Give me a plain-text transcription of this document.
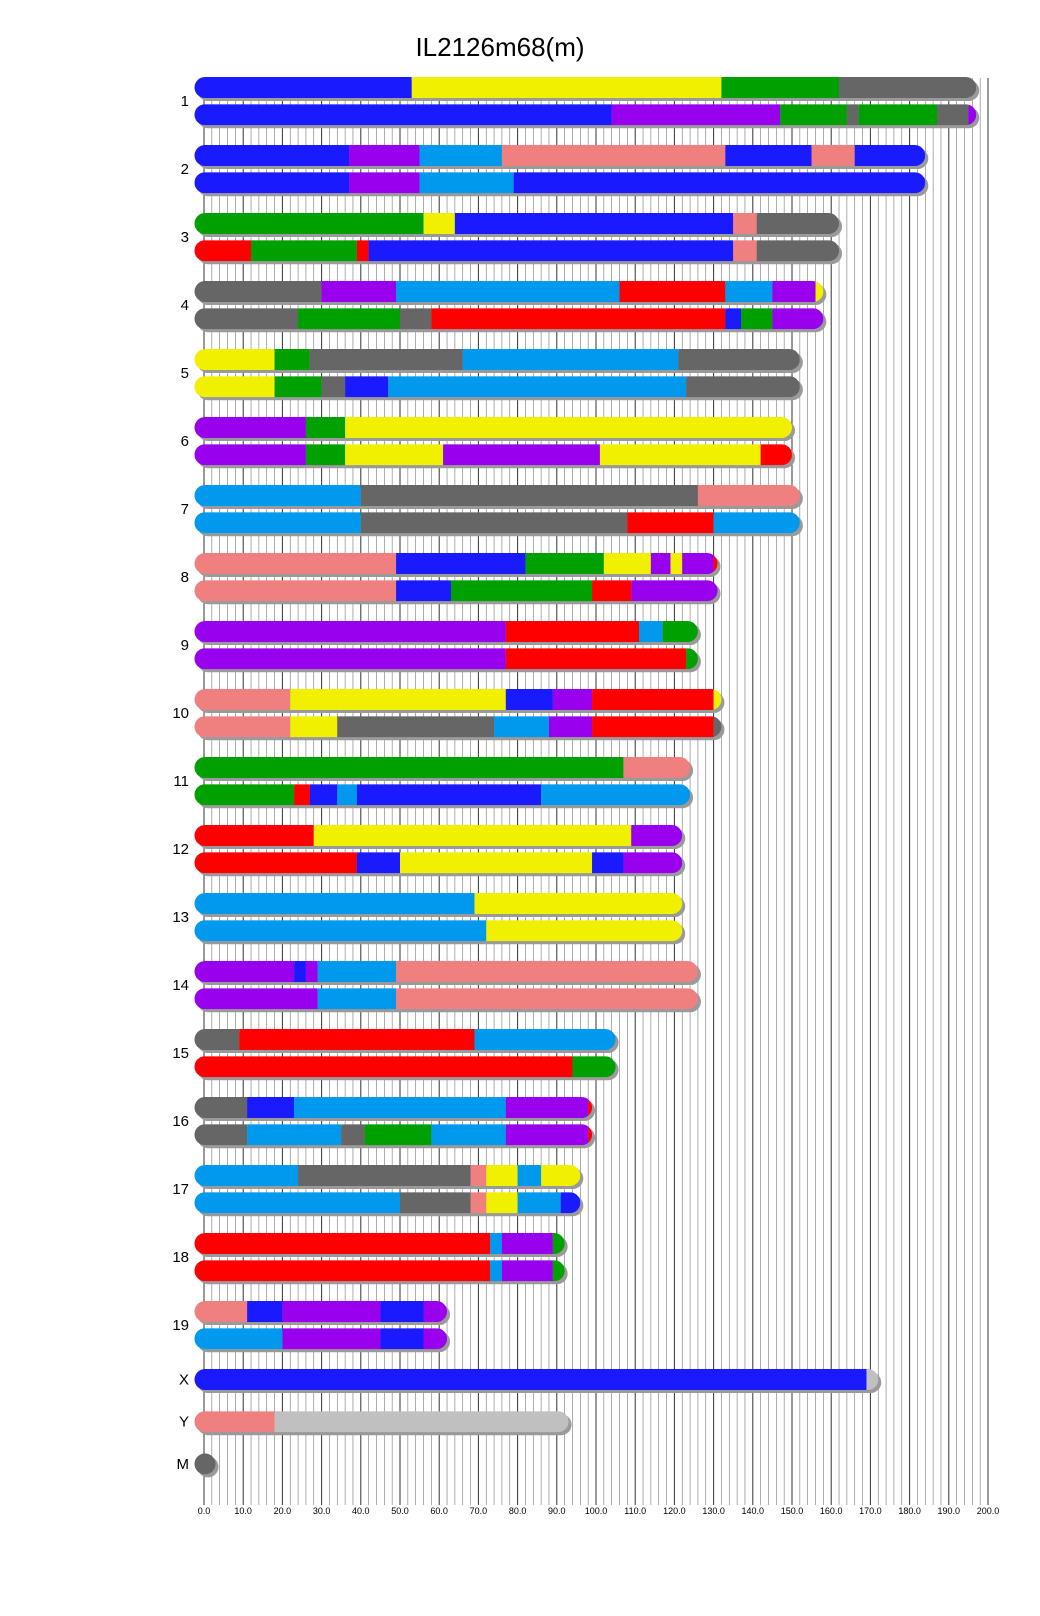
IL2126m68(m)
0.0	10.0 20.0 30.0 40.0 50.0 60.0 70.0 80.0 90.0 100.0 110.0 120.0 130.0 140.0 150.0 160.0 170.0 180.0 190.0 200.0
1
2
3
4
5
6
7
8
9
10
11
12
13
14
15
16
17
18
19
X
Y
M
